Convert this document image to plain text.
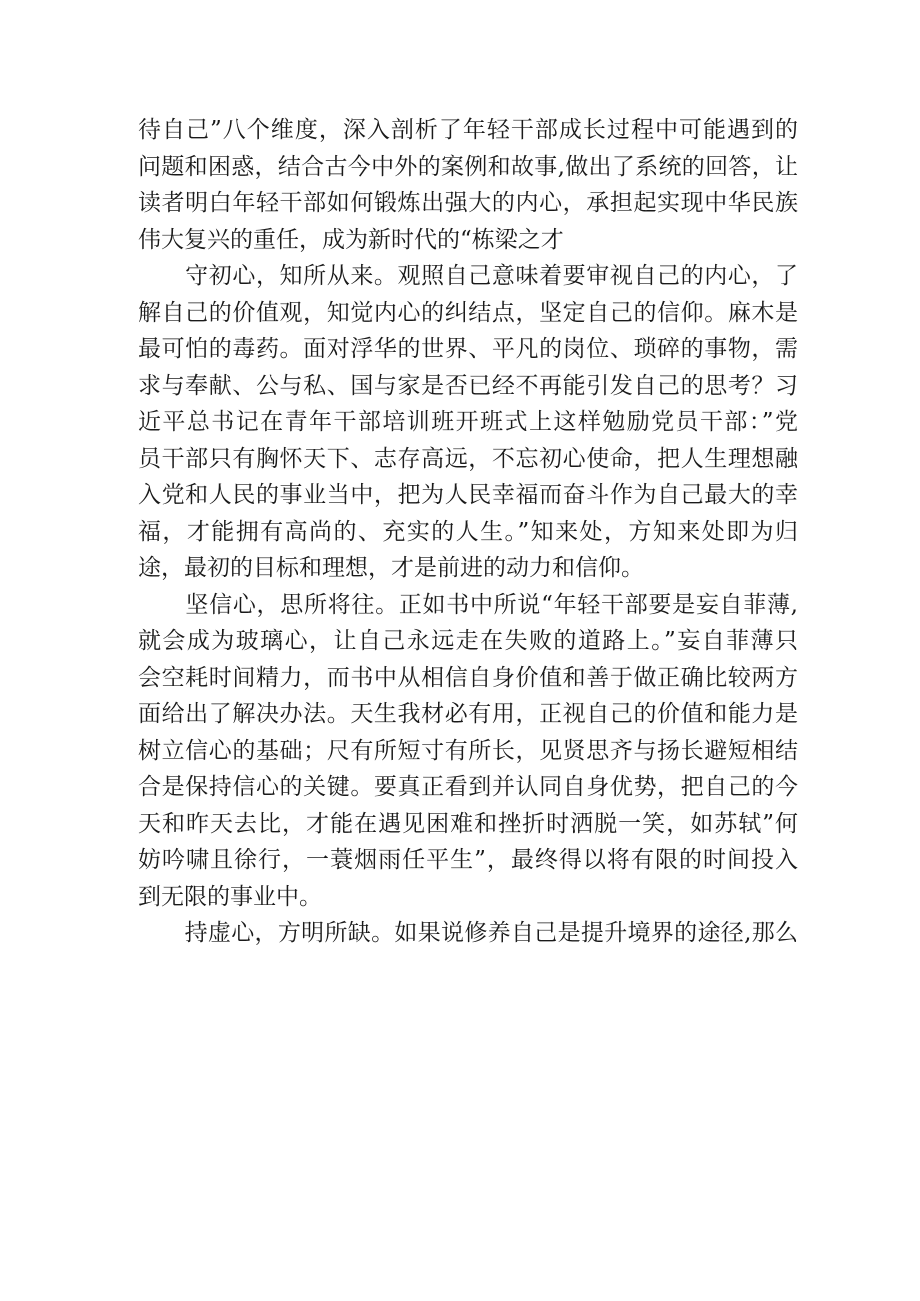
待自己”八个维度，深入剖析了年轻干部成长过程中可能遇到的
问题和困惑，结合古今中外的案例和故事,做出了系统的回答，让
读者明白年轻干部如何锻炼出强大的内心，承担起实现中华民族
伟大复兴的重任，成为新时代的“栋梁之才
　　守初心，知所从来。观照自己意味着要审视自己的内心，了
解自己的价值观，知觉内心的纠结点，坚定自己的信仰。麻木是
最可怕的毒药。面对浮华的世界、平凡的岗位、琐碎的事物，需
求与奉献、公与私、国与家是否已经不再能引发自己的思考？习
近平总书记在青年干部培训班开班式上这样勉励党员干部：”党
员干部只有胸怀天下、志存高远，不忘初心使命，把人生理想融
入党和人民的事业当中，把为人民幸福而奋斗作为自己最大的幸
福，才能拥有高尚的、充实的人生。”知来处，方知来处即为归
途，最初的目标和理想，才是前进的动力和信仰。
　　坚信心，思所将往。正如书中所说“年轻干部要是妄自菲薄,
就会成为玻璃心，让自己永远走在失败的道路上。”妄自菲薄只
会空耗时间精力，而书中从相信自身价值和善于做正确比较两方
面给出了解决办法。天生我材必有用，正视自己的价值和能力是
树立信心的基础；尺有所短寸有所长，见贤思齐与扬长避短相结
合是保持信心的关键。要真正看到并认同自身优势，把自己的今
天和昨天去比，才能在遇见困难和挫折时洒脱一笑，如苏轼”何
妨吟啸且徐行，一蓑烟雨任平生”，最终得以将有限的时间投入
到无限的事业中。
　　持虚心，方明所缺。如果说修养自己是提升境界的途径,那么
